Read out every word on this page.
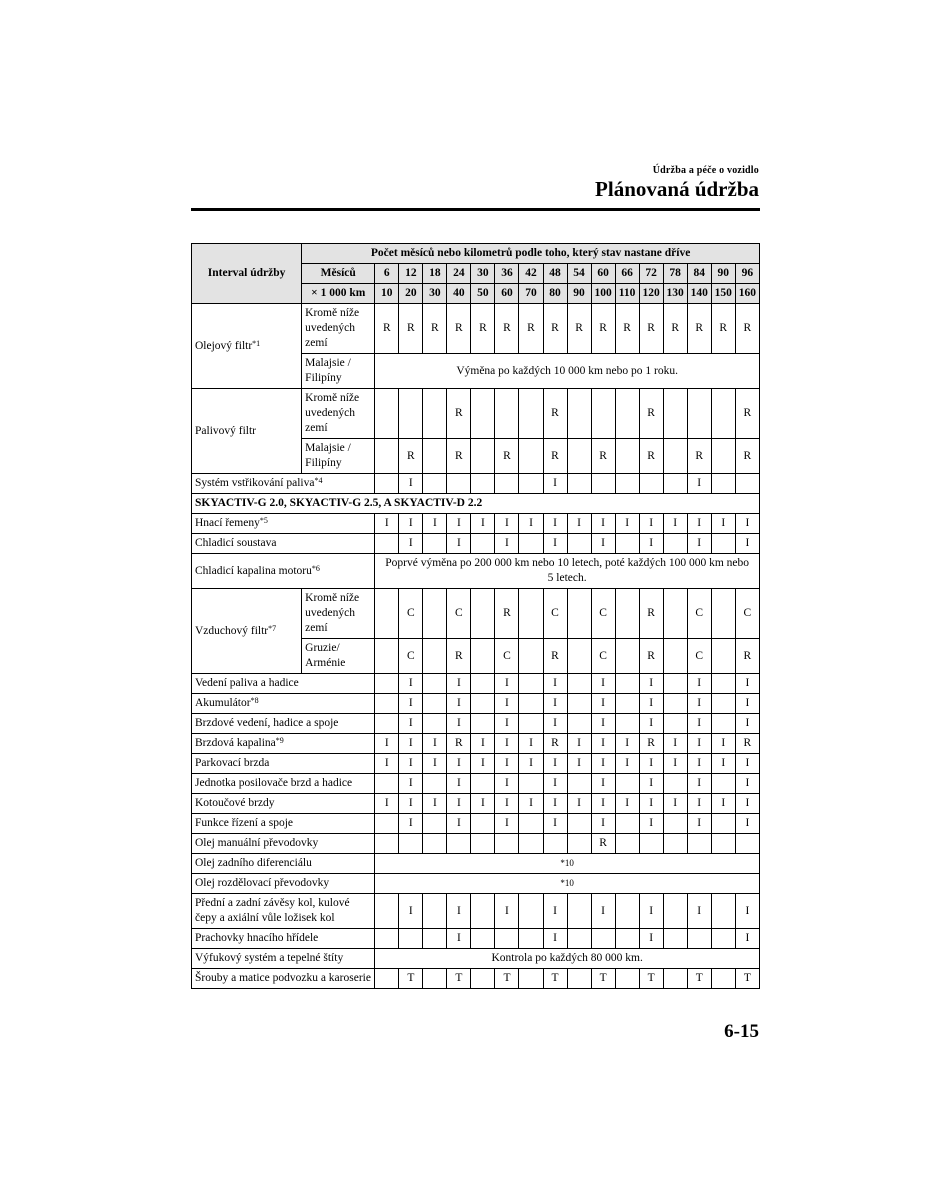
Údržba a péče o vozidlo
Plánovaná údržba
Interval údržby	Počet měsíců nebo kilometrů podle toho, který stav nastane dříve																
	Měsíců	6	12	18	24	30	36	42	48	54	60	66	72	78	84	90	96
	× 1 000 km	10	20	30	40	50	60	70	80	90	100	110	120	130	140	150	160
Olejový filtr$^{*1}$	Kromě níže uvedených zemí	R	R	R	R	R	R	R	R	R	R	R	R	R	R	R	R
	Malajsie / Filipíny	Výměna po každých 10 000 km nebo po 1 roku.															
Palivový filtr	Kromě níže uvedených zemí				R				R				R				R
	Malajsie / Filipíny		R		R		R		R		R		R		R		R
Systém vstřikování paliva$^{*4}$			I						I						I		
SKYACTIV-G 2.0, SKYACTIV-G 2.5, A SKYACTIV-D 2.2																	
Hnací řemeny$^{*5}$		I	I	I	I	I	I	I	I	I	I	I	I	I	I	I	I
Chladicí soustava			I		I		I		I		I		I		I		I
Chladicí kapalina motoru$^{*6}$		Poprvé výměna po 200 000 km nebo 10 letech, poté každých 100 000 km nebo 5 letech.															
Vzduchový filtr$^{*7}$	Kromě níže uvedených zemí		C		C		R		C		C		R		C		C
	Gruzie/ Arménie		C		R		C		R		C		R		C		R
Vedení paliva a hadice			I		I		I		I		I		I		I		I
Akumulátor$^{*8}$			I		I		I		I		I		I		I		I
Brzdové vedení, hadice a spoje			I		I		I		I		I		I		I		I
Brzdová kapalina$^{*9}$		I	I	I	R	I	I	I	R	I	I	I	R	I	I	I	R
Parkovací brzda		I	I	I	I	I	I	I	I	I	I	I	I	I	I	I	I
Jednotka posilovače brzd a hadice			I		I		I		I		I		I		I		I
Kotoučové brzdy		I	I	I	I	I	I	I	I	I	I	I	I	I	I	I	I
Funkce řízení a spoje			I		I		I		I		I		I		I		I
Olej manuální převodovky											R						
Olej zadního diferenciálu		*10															
Olej rozdělovací převodovky		*10															
Přední a zadní závěsy kol, kulové čepy a axiální vůle ložisek kol			I		I		I		I		I		I		I		I
Prachovky hnacího hřídele					I				I				I				I
Výfukový systém a tepelné štíty		Kontrola po každých 80 000 km.															
Šrouby a matice podvozku a karoserie			T		T		T		T		T		T		T		T
6-15
